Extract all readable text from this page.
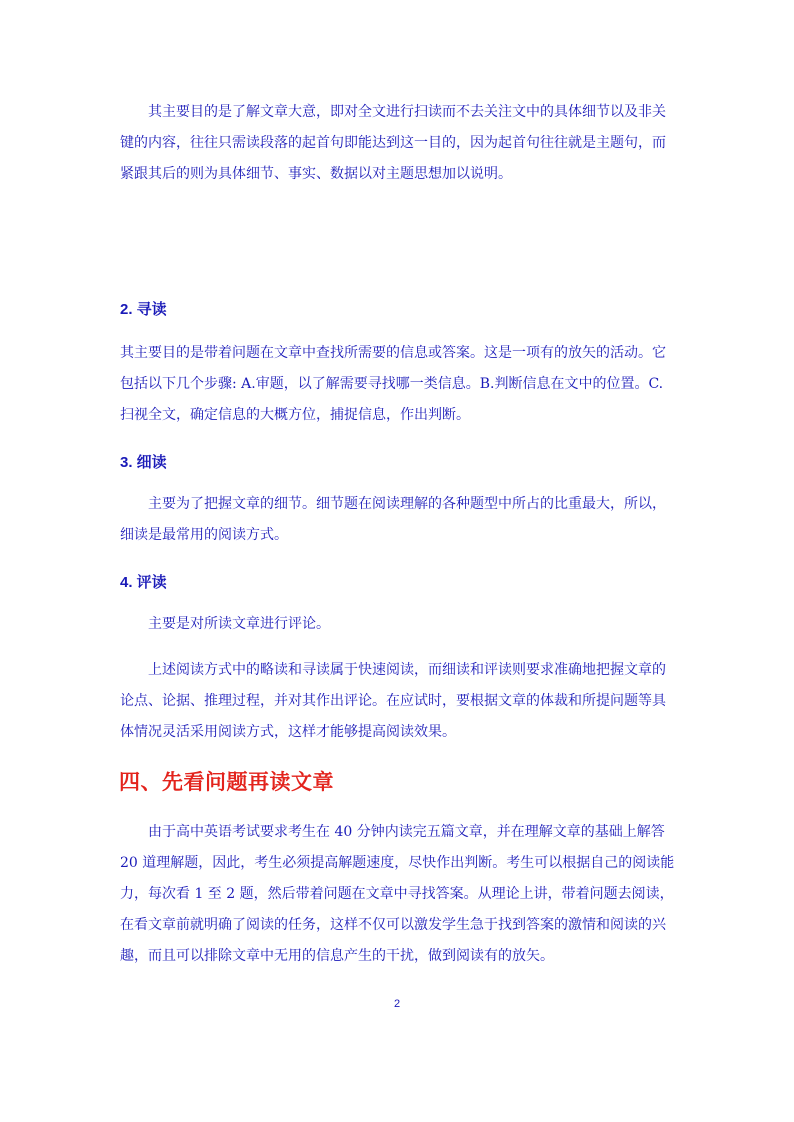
其主要目的是了解文章大意，即对全文进行扫读而不去关注文中的具体细节以及非关键的内容，往往只需读段落的起首句即能达到这一目的，因为起首句往往就是主题句，而紧跟其后的则为具体细节、事实、数据以对主题思想加以说明。

2. 寻读

其主要目的是带着问题在文章中查找所需要的信息或答案。这是一项有的放矢的活动。它包括以下几个步骤: A.审题，以了解需要寻找哪一类信息。B.判断信息在文中的位置。C.扫视全文，确定信息的大概方位，捕捉信息，作出判断。

3. 细读

主要为了把握文章的细节。细节题在阅读理解的各种题型中所占的比重最大，所以，细读是最常用的阅读方式。

4. 评读

主要是对所读文章进行评论。

上述阅读方式中的略读和寻读属于快速阅读，而细读和评读则要求准确地把握文章的论点、论据、推理过程，并对其作出评论。在应试时，要根据文章的体裁和所提问题等具体情况灵活采用阅读方式，这样才能够提高阅读效果。

四、先看问题再读文章

由于高中英语考试要求考生在 40 分钟内读完五篇文章，并在理解文章的基础上解答 20 道理解题，因此，考生必须提高解题速度，尽快作出判断。考生可以根据自己的阅读能力，每次看 1 至 2 题，然后带着问题在文章中寻找答案。从理论上讲，带着问题去阅读，在看文章前就明确了阅读的任务，这样不仅可以激发学生急于找到答案的激情和阅读的兴趣，而且可以排除文章中无用的信息产生的干扰，做到阅读有的放矢。

2
